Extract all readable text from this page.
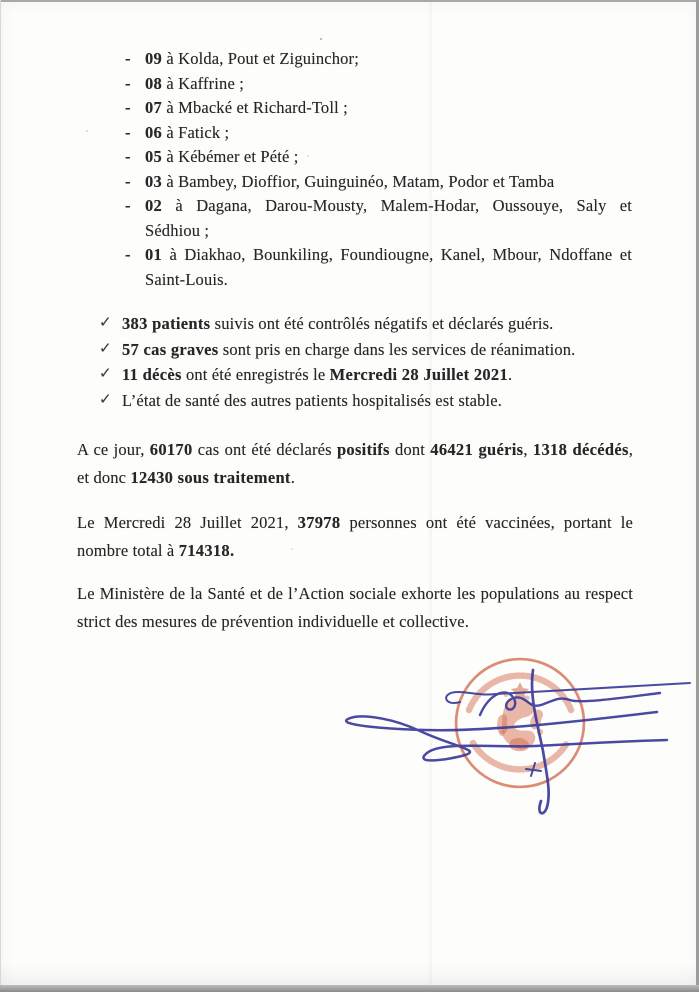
- 09 à Kolda, Pout et Ziguinchor;
- 08 à Kaffrine ;
- 07 à Mbacké et Richard-Toll ;
- 06 à Fatick ;
- 05 à Kébémer et Pété ;
- 03 à Bambey, Dioffior, Guinguinéo, Matam, Podor et Tamba
- 02 à Dagana, Darou-Mousty, Malem-Hodar, Oussouye, Saly et
Sédhiou ;
- 01 à Diakhao, Bounkiling, Foundiougne, Kanel, Mbour, Ndoffane et
Saint-Louis.
✓ 383 patients suivis ont été contrôlés négatifs et déclarés guéris.
✓ 57 cas graves sont pris en charge dans les services de réanimation.
✓ 11 décès ont été enregistrés le Mercredi 28 Juillet 2021.
✓ L’état de santé des autres patients hospitalisés est stable.
A ce jour, 60170 cas ont été déclarés positifs dont 46421 guéris, 1318 décédés,
et donc 12430 sous traitement.
Le Mercredi 28 Juillet 2021, 37978 personnes ont été vaccinées, portant le
nombre total à 714318.
Le Ministère de la Santé et de l’Action sociale exhorte les populations au respect
strict des mesures de prévention individuelle et collective.
